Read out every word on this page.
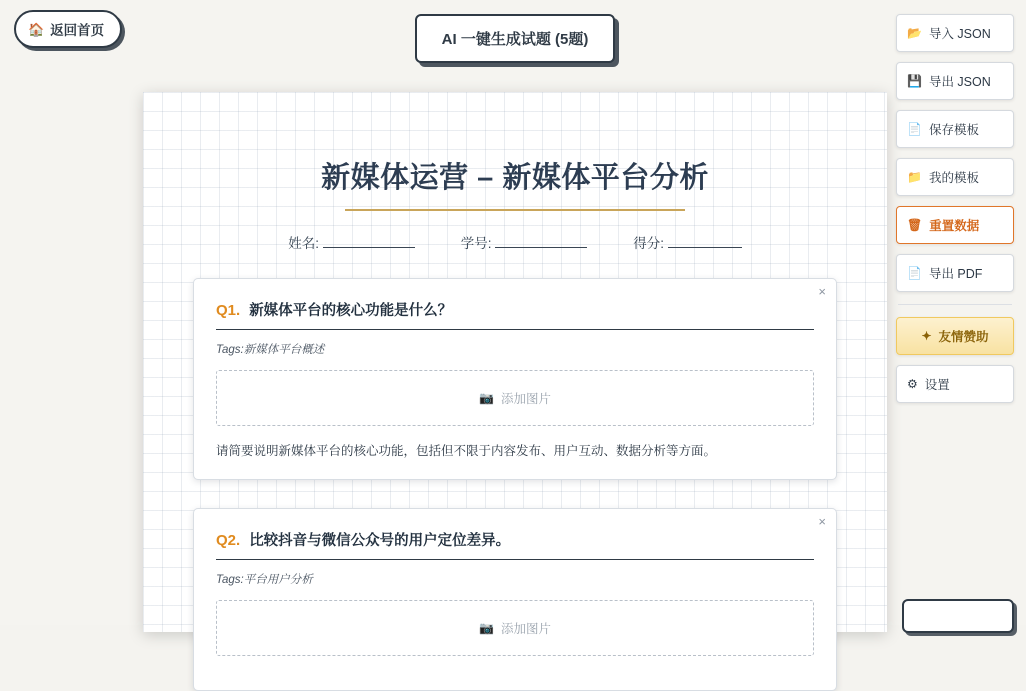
🏠 返回首页
AI 一键生成试题 (5题)
新媒体运营 – 新媒体平台分析
姓名:	学号:	得分:
×
Q1. 新媒体平台的核心功能是什么？
Tags:新媒体平台概述
📷 添加图片
请简要说明新媒体平台的核心功能，包括但不限于内容发布、用户互动、数据分析等方面。
×
Q2. 比较抖音与微信公众号的用户定位差异。
Tags:平台用户分析
📷 添加图片
📂 导入 JSON
💾 导出 JSON
📄 保存模板
📁 我的模板
🗑 重置数据
📄 导出 PDF
✦ 友情赞助
⚙ 设置
